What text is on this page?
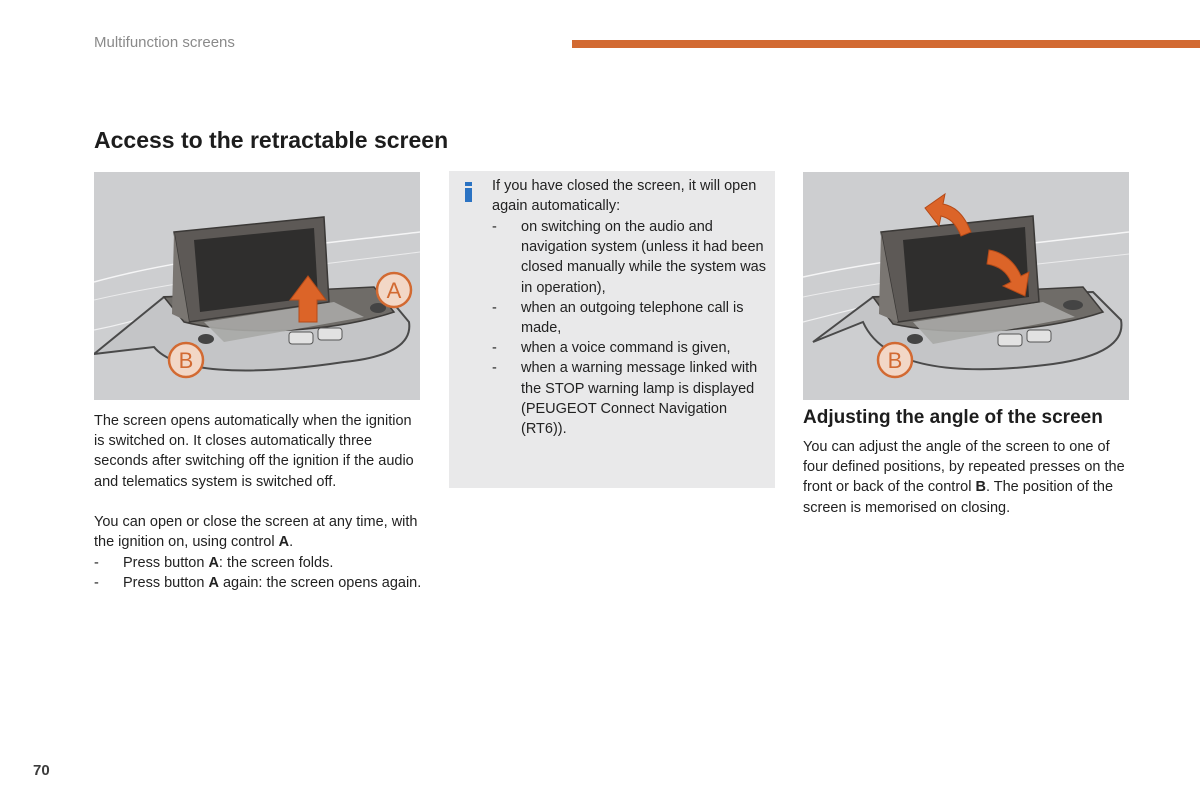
Multifunction screens
Access to the retractable screen
A
B
The screen opens automatically when the ignition is switched on. It closes automatically three seconds after switching off the ignition if the audio and telematics system is switched off.
You can open or close the screen at any time, with the ignition on, using control A.
- Press button A: the screen folds.
- Press button A again: the screen opens again.
If you have closed the screen, it will open again automatically:
- on switching on the audio and navigation system (unless it had been closed manually while the system was in operation),
- when an outgoing telephone call is made,
- when a voice command is given,
- when a warning message linked with the STOP warning lamp is displayed (PEUGEOT Connect Navigation (RT6)).
B
Adjusting the angle of the screen
You can adjust the angle of the screen to one of four defined positions, by repeated presses on the front or back of the control B. The position of the screen is memorised on closing.
70
